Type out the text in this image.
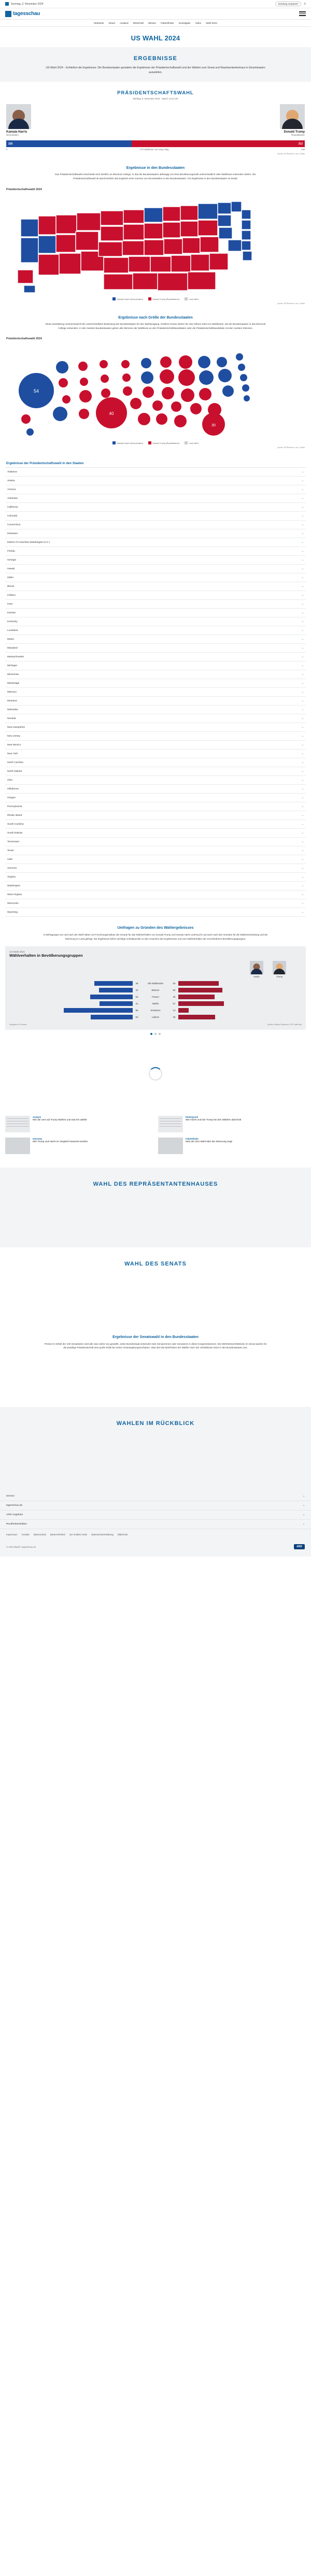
Sonntag, 3. November 2024	Sendung verpasst?	⚲
tagesschau
Startseite Inland Ausland Wirtschaft Wissen Faktenfinder Investigativ Video Wahl 2024
US WAHL 2024
ERGEBNISSE
US-Wahl 2024 - Schließen die Ergebnisse: Die Bundesstaaten gestalten die Ergebnisse der Präsidentschaftswahl und der Wahlen zum Senat und Repräsentantenhaus in Einzelstaaten auswählen.
PRÄSIDENTSCHAFTSWAHL
Wahltag: 5. November 2024 · Stand: 13:42 Uhr
Kamala Harris
Demokraten
Donald Trump
Republikaner
226	312
0	270 Wahlleute zum Sieg nötig	538
Quelle: AP/Election Lab | Grafik
Ergebnisse in den Bundesstaaten

Das Präsidentschaftswahl entscheidet sich letztlich an Electoral College, in das die Bundesstaaten abhängig von ihrer Bevölkerungszahl unterschiedlich viele Wahlleute entsenden dürfen. Die Präsidentschaftswahl ist damit letztlich das Ergebnis einer Summe von Einzelwahlen in den Bundesstaaten. Für Ergebnisse in den Bundesstaaten im Detail.

Präsidentschaftswahl 2024
Kamala Harris (Demokraten)	Donald Trump (Republikaner)	noch offen
Quelle: AP/Election Lab | Grafik
Ergebnisse nach Größe der Bundesstaaten

Diese Darstellung veranschaulicht die unterschiedliche Bedeutung der Bundesstaaten für den Wahlausgang. Größere Kreise stehen für eine höhere Zahl von Wahlleuten, die die Bundesstaaten in das Electoral College entsenden. In den meisten Bundesstaaten gehen alle Stimmen der Wahlleute an den Präsidentschaftskandidaten oder die Präsidentschaftskandidatin mit den meisten Stimmen.

Präsidentschaftswahl 2024
54
40
30
Kamala Harris (Demokraten)	Donald Trump (Republikaner)	noch offen
Quelle: AP/Election Lab | Grafik
Ergebnisse der Präsidentschaftswahl in den Staaten
Alabama	⌄
Alaska	⌄
Arizona	⌄
Arkansas	⌄
California	⌄
Colorado	⌄
Connecticut	⌄
Delaware	⌄
District of Columbia (Washington D.C.)	⌄
Florida	⌄
Georgia	⌄
Hawaii	⌄
Idaho	⌄
Illinois	⌄
Indiana	⌄
Iowa	⌄
Kansas	⌄
Kentucky	⌄
Louisiana	⌄
Maine	⌄
Maryland	⌄
Massachusetts	⌄
Michigan	⌄
Minnesota	⌄
Mississippi	⌄
Missouri	⌄
Montana	⌄
Nebraska	⌄
Nevada	⌄
New Hampshire	⌄
New Jersey	⌄
New Mexico	⌄
New York	⌄
North Carolina	⌄
North Dakota	⌄
Ohio	⌄
Oklahoma	⌄
Oregon	⌄
Pennsylvania	⌄
Rhode Island	⌄
South Carolina	⌄
South Dakota	⌄
Tennessee	⌄
Texas	⌄
Utah	⌄
Vermont	⌄
Virginia	⌄
Washington	⌄
West Virginia	⌄
Wisconsin	⌄
Wyoming	⌄
Umfragen zu Gründen des Wahlergebnisses
In Befragungen am und nach der Wahl haben US-Forschungsinstitute die Gründe für das Wahlverhalten von Donald Trump und Kamala Harris untersucht und auch nach den Gründen für die Wahlentscheidung und die Stimmung im Land gefragt. Die Ergebnisse liefern wichtige Anhaltspunkte zu den Ursachen des Ergebnisses und zum Wahlverhalten der verschiedenen Bevölkerungsgruppen.
US-Wahl 2024
Wählverhalten in Bevölkerungsgruppen
Harris	Trump
48	Alle Wählenden	50
42	Männer	55
53	Frauen	45
41	Weiße	57
86	Schwarze	13
52	Latinos	46
Angaben in Prozent	Quelle: Edison Research / AP VoteCast
Analyse
Wie die USA auf Trump Wahlen und was ihn wählte
Hintergrund
Wie Harris und wie Trump bei den Wählern abschnitt
Interview
Wie Trump und Harris im Vergleich bewertet werden
Faktenfinder
Was die USA-Wahl über die Stimmung zeigt
WAHL DES REPRÄSENTANTENHAUSES
WAHL DES SENATS
Ergebnisse der Senatswahl in den Bundesstaaten

Presse im Drittel der 100 Senatssitze wird alle zwei Jahre neu gewählt. Jeder Bundesstaat entsendet zwei Senatorinnen oder Senatoren in diese Kongresskammer. Die Mehrheitsverhältnisse im Senat spielen für die jeweilige Präsidentschaft eine große Rolle bei seiner Gesetzgebungsvorhaben. Was dort die Mehrheiten der Wähler sind: Die Verhältnisse 2024 in den Bundesstaaten aus.

WAHLEN IM RÜCKBLICK
Service	⌄
tagesschau.de	⌄
ARD-Angebote	⌄
Rundfunkanstalten	⌄
Impressum Kontakt Datenschutz Barrierefreiheit Zur mobilen Seite Datenschutzerklärung Bildrechte
© ARD-aktuell / tagesschau.de	ARD
